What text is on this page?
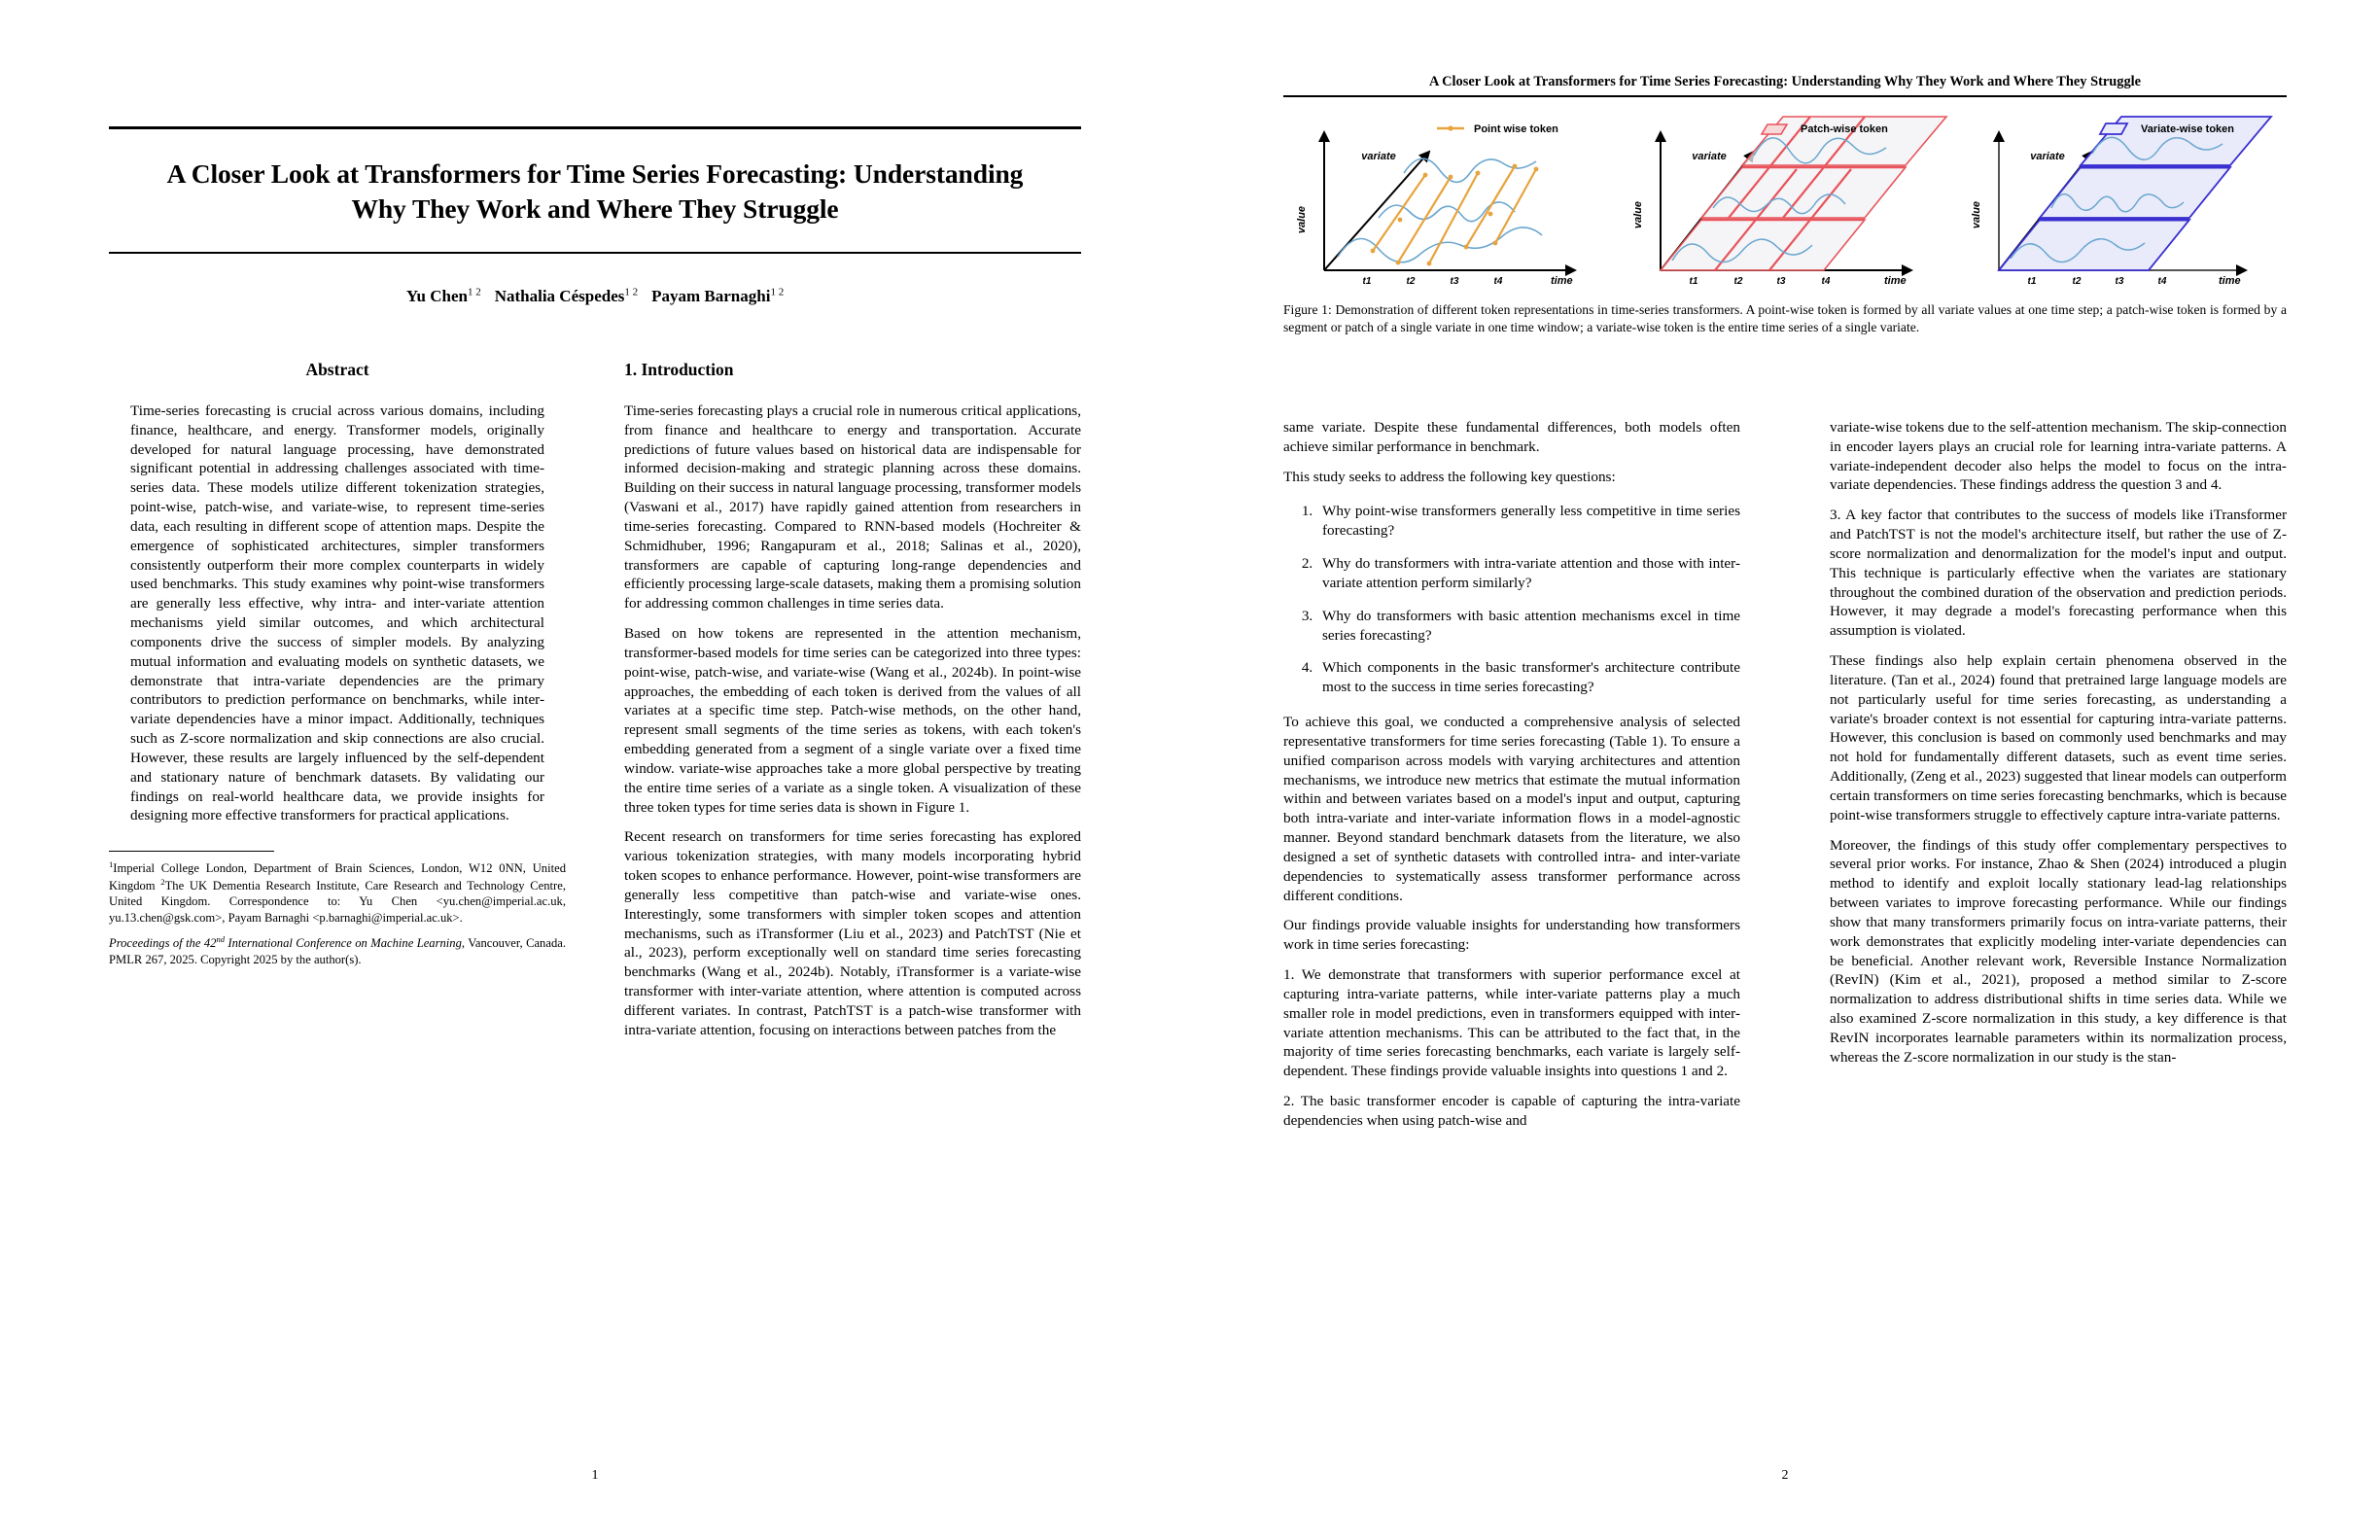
A Closer Look at Transformers for Time Series Forecasting: Understanding
Why They Work and Where They Struggle
Yu Chen$^{1 2}$ Nathalia Céspedes$^{1 2}$ Payam Barnaghi$^{1 2}$
Abstract

Time-series forecasting is crucial across various domains, including finance, healthcare, and energy. Transformer models, originally developed for natural language processing, have demonstrated significant potential in addressing challenges associated with time-series data. These models utilize different tokenization strategies, point-wise, patch-wise, and variate-wise, to represent time-series data, each resulting in different scope of attention maps. Despite the emergence of sophisticated architectures, simpler transformers consistently outperform their more complex counterparts in widely used benchmarks. This study examines why point-wise transformers are generally less effective, why intra- and inter-variate attention mechanisms yield similar outcomes, and which architectural components drive the success of simpler models. By analyzing mutual information and evaluating models on synthetic datasets, we demonstrate that intra-variate dependencies are the primary contributors to prediction performance on benchmarks, while inter-variate dependencies have a minor impact. Additionally, techniques such as Z-score normalization and skip connections are also crucial. However, these results are largely influenced by the self-dependent and stationary nature of benchmark datasets. By validating our findings on real-world healthcare data, we provide insights for designing more effective transformers for practical applications.

$^1$Imperial College London, Department of Brain Sciences, London, W12 0NN, United Kingdom $^2$The UK Dementia Research Institute, Care Research and Technology Centre, United Kingdom. Correspondence to: Yu Chen <yu.chen@imperial.ac.uk, yu.13.chen@gsk.com>, Payam Barnaghi <p.barnaghi@imperial.ac.uk>.

Proceedings of the 42nd International Conference on Machine Learning, Vancouver, Canada. PMLR 267, 2025. Copyright 2025 by the author(s).

1. Introduction

Time-series forecasting plays a crucial role in numerous critical applications, from finance and healthcare to energy and transportation. Accurate predictions of future values based on historical data are indispensable for informed decision-making and strategic planning across these domains. Building on their success in natural language processing, transformer models (Vaswani et al., 2017) have rapidly gained attention from researchers in time-series forecasting. Compared to RNN-based models (Hochreiter & Schmidhuber, 1996; Rangapuram et al., 2018; Salinas et al., 2020), transformers are capable of capturing long-range dependencies and efficiently processing large-scale datasets, making them a promising solution for addressing common challenges in time series data.

Based on how tokens are represented in the attention mechanism, transformer-based models for time series can be categorized into three types: point-wise, patch-wise, and variate-wise (Wang et al., 2024b). In point-wise approaches, the embedding of each token is derived from the values of all variates at a specific time step. Patch-wise methods, on the other hand, represent small segments of the time series as tokens, with each token's embedding generated from a segment of a single variate over a fixed time window. variate-wise approaches take a more global perspective by treating the entire time series of a variate as a single token. A visualization of these three token types for time series data is shown in Figure 1.

Recent research on transformers for time series forecasting has explored various tokenization strategies, with many models incorporating hybrid token scopes to enhance performance. However, point-wise transformers are generally less competitive than patch-wise and variate-wise ones. Interestingly, some transformers with simpler token scopes and attention mechanisms, such as iTransformer (Liu et al., 2023) and PatchTST (Nie et al., 2023), perform exceptionally well on standard time series forecasting benchmarks (Wang et al., 2024b). Notably, iTransformer is a variate-wise transformer with inter-variate attention, where attention is computed across different variates. In contrast, PatchTST is a patch-wise transformer with intra-variate attention, focusing on interactions between patches from the

1
A Closer Look at Transformers for Time Series Forecasting: Understanding Why They Work and Where They Struggle
value
time
variate
t1	t2	t3	t4
Point wise token
value
time
variate
t1	t2	t3	t4
Patch-wise token
value
time
variate
t1	t2	t3	t4
Variate-wise token
Figure 1: Demonstration of different token representations in time-series transformers. A point-wise token is formed by all variate values at one time step; a patch-wise token is formed by a segment or patch of a single variate in one time window; a variate-wise token is the entire time series of a single variate.

same variate. Despite these fundamental differences, both models often achieve similar performance in benchmark.

This study seeks to address the following key questions:

1. Why point-wise transformers generally less competitive in time series forecasting?
2. Why do transformers with intra-variate attention and those with inter-variate attention perform similarly?
3. Why do transformers with basic attention mechanisms excel in time series forecasting?
4. Which components in the basic transformer's architecture contribute most to the success in time series forecasting?

To achieve this goal, we conducted a comprehensive analysis of selected representative transformers for time series forecasting (Table 1). To ensure a unified comparison across models with varying architectures and attention mechanisms, we introduce new metrics that estimate the mutual information within and between variates based on a model's input and output, capturing both intra-variate and inter-variate information flows in a model-agnostic manner. Beyond standard benchmark datasets from the literature, we also designed a set of synthetic datasets with controlled intra- and inter-variate dependencies to systematically assess transformer performance across different conditions.

Our findings provide valuable insights for understanding how transformers work in time series forecasting:

1. We demonstrate that transformers with superior performance excel at capturing intra-variate patterns, while inter-variate patterns play a much smaller role in model predictions, even in transformers equipped with inter-variate attention mechanisms. This can be attributed to the fact that, in the majority of time series forecasting benchmarks, each variate is largely self-dependent. These findings provide valuable insights into questions 1 and 2.

2. The basic transformer encoder is capable of capturing the intra-variate dependencies when using patch-wise and

variate-wise tokens due to the self-attention mechanism. The skip-connection in encoder layers plays an crucial role for learning intra-variate patterns. A variate-independent decoder also helps the model to focus on the intra-variate dependencies. These findings address the question 3 and 4.

3. A key factor that contributes to the success of models like iTransformer and PatchTST is not the model's architecture itself, but rather the use of Z-score normalization and denormalization for the model's input and output. This technique is particularly effective when the variates are stationary throughout the combined duration of the observation and prediction periods. However, it may degrade a model's forecasting performance when this assumption is violated.

These findings also help explain certain phenomena observed in the literature. (Tan et al., 2024) found that pretrained large language models are not particularly useful for time series forecasting, as understanding a variate's broader context is not essential for capturing intra-variate patterns. However, this conclusion is based on commonly used benchmarks and may not hold for fundamentally different datasets, such as event time series. Additionally, (Zeng et al., 2023) suggested that linear models can outperform certain transformers on time series forecasting benchmarks, which is because point-wise transformers struggle to effectively capture intra-variate patterns.

Moreover, the findings of this study offer complementary perspectives to several prior works. For instance, Zhao & Shen (2024) introduced a plugin method to identify and exploit locally stationary lead-lag relationships between variates to improve forecasting performance. While our findings show that many transformers primarily focus on intra-variate patterns, their work demonstrates that explicitly modeling inter-variate dependencies can be beneficial. Another relevant work, Reversible Instance Normalization (RevIN) (Kim et al., 2021), proposed a method similar to Z-score normalization to address distributional shifts in time series data. While we also examined Z-score normalization in this study, a key difference is that RevIN incorporates learnable parameters within its normalization process, whereas the Z-score normalization in our study is the stan-

2
